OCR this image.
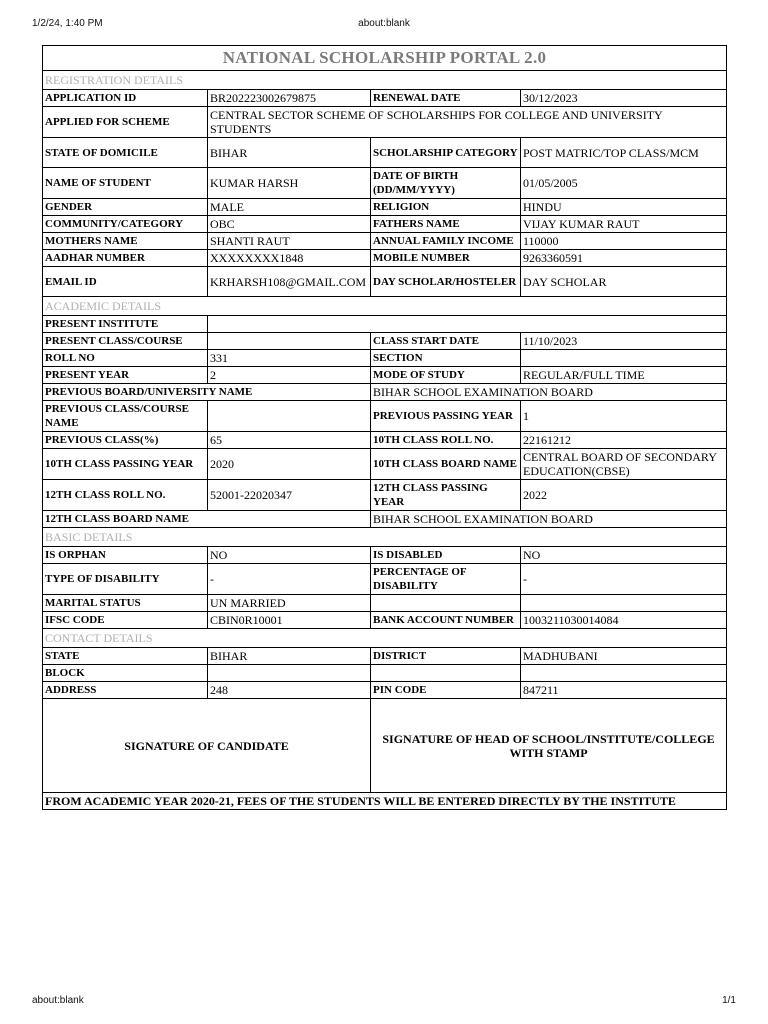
1/2/24, 1:40 PM	about:blank
NATIONAL SCHOLARSHIP PORTAL 2.0			
REGISTRATION DETAILS			
APPLICATION ID	BR202223002679875	RENEWAL DATE	30/12/2023
APPLIED FOR SCHEME	CENTRAL SECTOR SCHEME OF SCHOLARSHIPS FOR COLLEGE AND UNIVERSITY STUDENTS		
STATE OF DOMICILE	BIHAR	SCHOLARSHIP CATEGORY	POST MATRIC/TOP CLASS/MCM
NAME OF STUDENT	KUMAR HARSH	DATE OF BIRTH (DD/MM/YYYY)	01/05/2005
GENDER	MALE	RELIGION	HINDU
COMMUNITY/CATEGORY	OBC	FATHERS NAME	VIJAY KUMAR RAUT
MOTHERS NAME	SHANTI RAUT	ANNUAL FAMILY INCOME	110000
AADHAR NUMBER	XXXXXXXX1848	MOBILE NUMBER	9263360591
EMAIL ID	KRHARSH108@GMAIL.COM	DAY SCHOLAR/HOSTELER	DAY SCHOLAR
ACADEMIC DETAILS			
PRESENT INSTITUTE			
PRESENT CLASS/COURSE		CLASS START DATE	11/10/2023
ROLL NO	331	SECTION	
PRESENT YEAR	2	MODE OF STUDY	REGULAR/FULL TIME
PREVIOUS BOARD/UNIVERSITY NAME		BIHAR SCHOOL EXAMINATION BOARD	
PREVIOUS CLASS/COURSE NAME		PREVIOUS PASSING YEAR	1
PREVIOUS CLASS(%)	65	10TH CLASS ROLL NO.	22161212
10TH CLASS PASSING YEAR	2020	10TH CLASS BOARD NAME	CENTRAL BOARD OF SECONDARY EDUCATION(CBSE)
12TH CLASS ROLL NO.	52001-22020347	12TH CLASS PASSING YEAR	2022
12TH CLASS BOARD NAME		BIHAR SCHOOL EXAMINATION BOARD	
BASIC DETAILS			
IS ORPHAN	NO	IS DISABLED	NO
TYPE OF DISABILITY	-	PERCENTAGE OF DISABILITY	-
MARITAL STATUS	UN MARRIED		
IFSC CODE	CBIN0R10001	BANK ACCOUNT NUMBER	1003211030014084
CONTACT DETAILS			
STATE	BIHAR	DISTRICT	MADHUBANI
BLOCK			
ADDRESS	248	PIN CODE	847211
SIGNATURE OF CANDIDATE		SIGNATURE OF HEAD OF SCHOOL/INSTITUTE/COLLEGE WITH STAMP	
FROM ACADEMIC YEAR 2020-21, FEES OF THE STUDENTS WILL BE ENTERED DIRECTLY BY THE INSTITUTE			
about:blank	1/1
